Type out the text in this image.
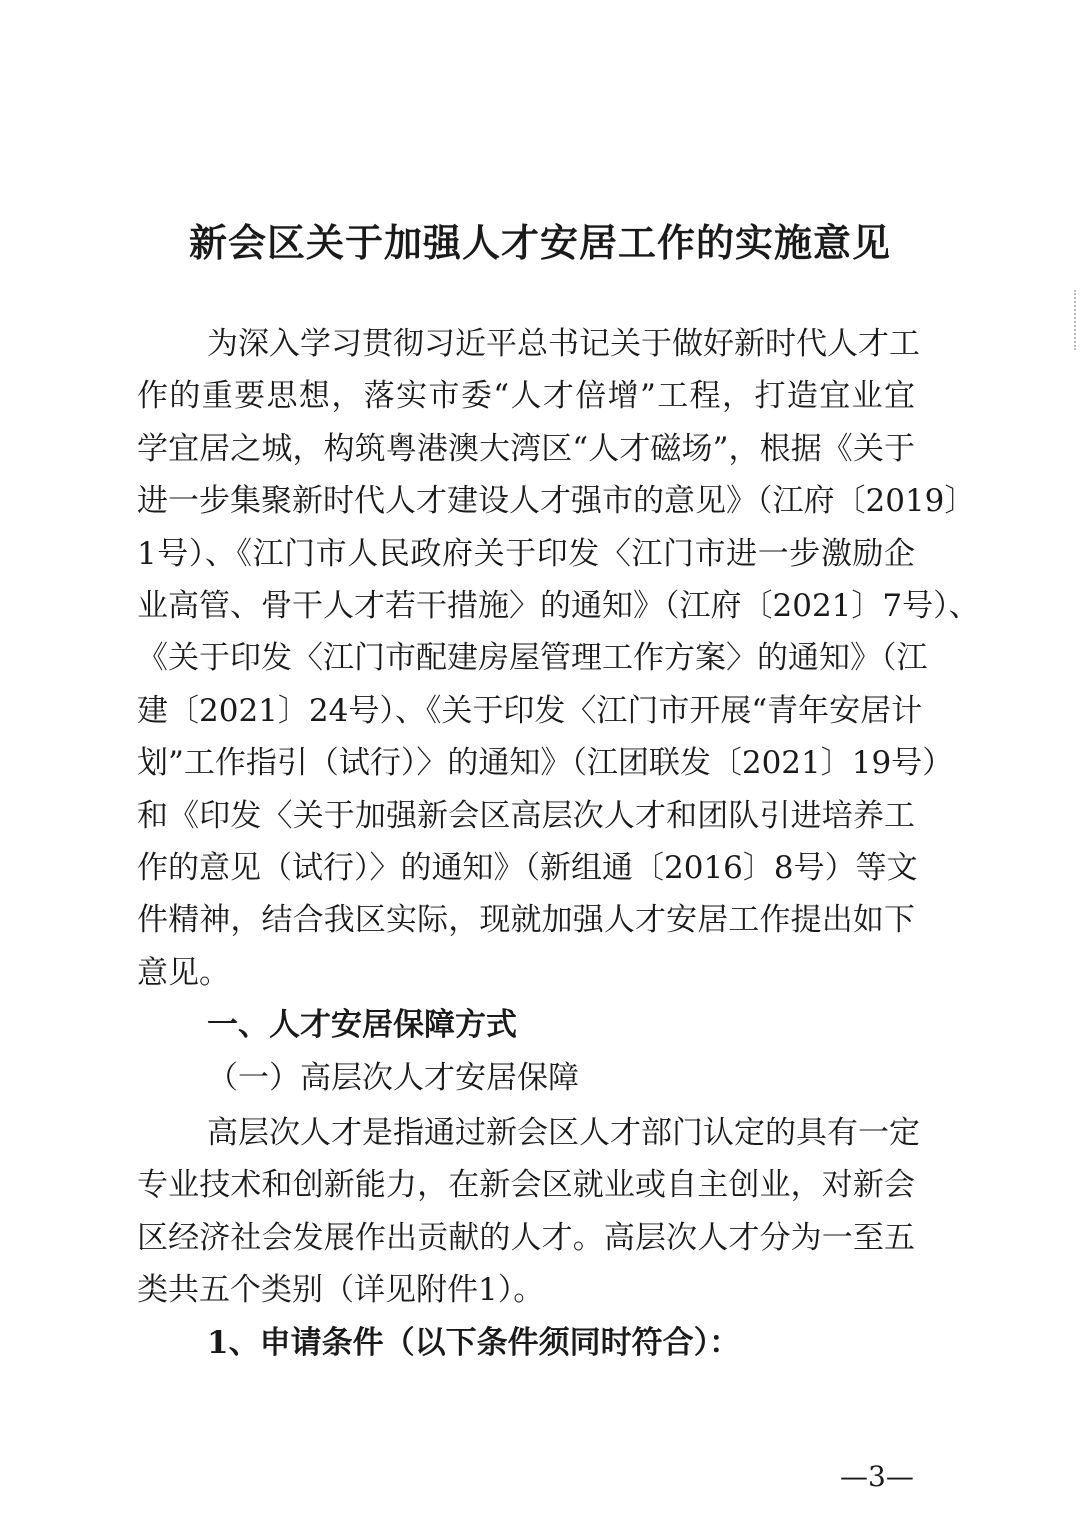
新会区关于加强人才安居工作的实施意见
为深入学习贯彻习近平总书记关于做好新时代人才工
作的重要思想，落实市委“人才倍增”工程，打造宜业宜
学宜居之城，构筑粤港澳大湾区“人才磁场”，根据《关于
进一步集聚新时代人才建设人才强市的意见》（江府〔2019〕
1号）、《江门市人民政府关于印发〈江门市进一步激励企
业高管、骨干人才若干措施〉的通知》（江府〔2021〕7号）、
《关于印发〈江门市配建房屋管理工作方案〉的通知》（江
建〔2021〕24号）、《关于印发〈江门市开展“青年安居计
划”工作指引（试行）〉的通知》（江团联发〔2021〕19号）
和《印发〈关于加强新会区高层次人才和团队引进培养工
作的意见（试行）〉的通知》（新组通〔2016〕8号）等文
件精神，结合我区实际，现就加强人才安居工作提出如下
意见。
一、人才安居保障方式
（一）高层次人才安居保障
高层次人才是指通过新会区人才部门认定的具有一定
专业技术和创新能力，在新会区就业或自主创业，对新会
区经济社会发展作出贡献的人才。高层次人才分为一至五
类共五个类别（详见附件1）。
1、申请条件（以下条件须同时符合）：
—3—
